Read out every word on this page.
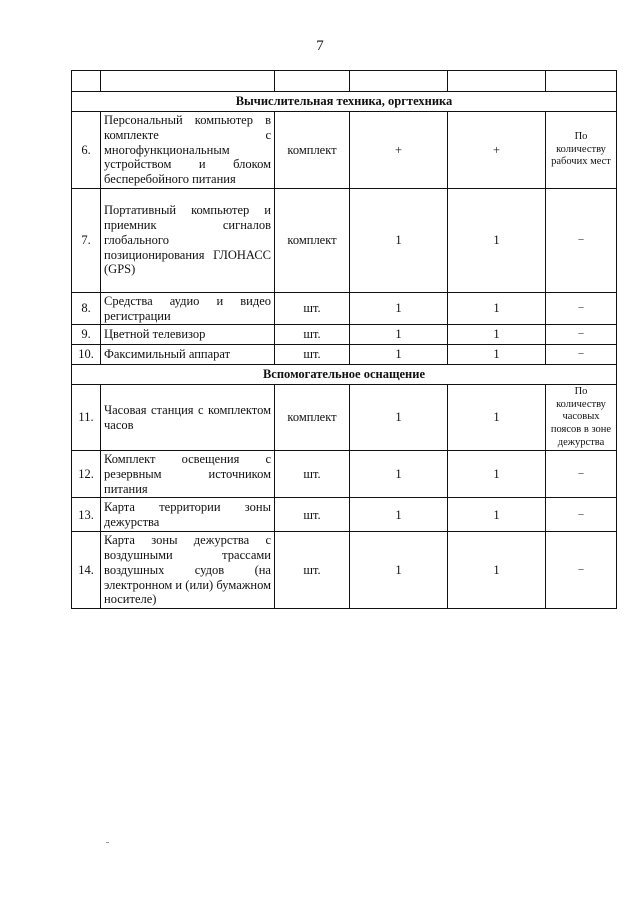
7

Вычислительная техника, оргтехника					
6.	Персональный компьютер в комплекте с многофункциональным устройством и блоком бесперебойного питания	комплект	+	+	По количеству рабочих мест
7.	Портативный компьютер и приемник сигналов глобального позиционирования ГЛОНАСС (GPS)	комплект	1	1	–
8.	Средства аудио и видео регистрации	шт.	1	1	–
9.	Цветной телевизор	шт.	1	1	–
10.	Факсимильный аппарат	шт.	1	1	–
Вспомогательное оснащение					
11.	Часовая станция с комплектом часов	комплект	1	1	По количеству часовых поясов в зоне дежурства
12.	Комплект освещения с резервным источником питания	шт.	1	1	–
13.	Карта территории зоны дежурства	шт.	1	1	–
14.	Карта зоны дежурства с воздушными трассами воздушных судов (на электронном и (или) бумажном носителе)	шт.	1	1	–
